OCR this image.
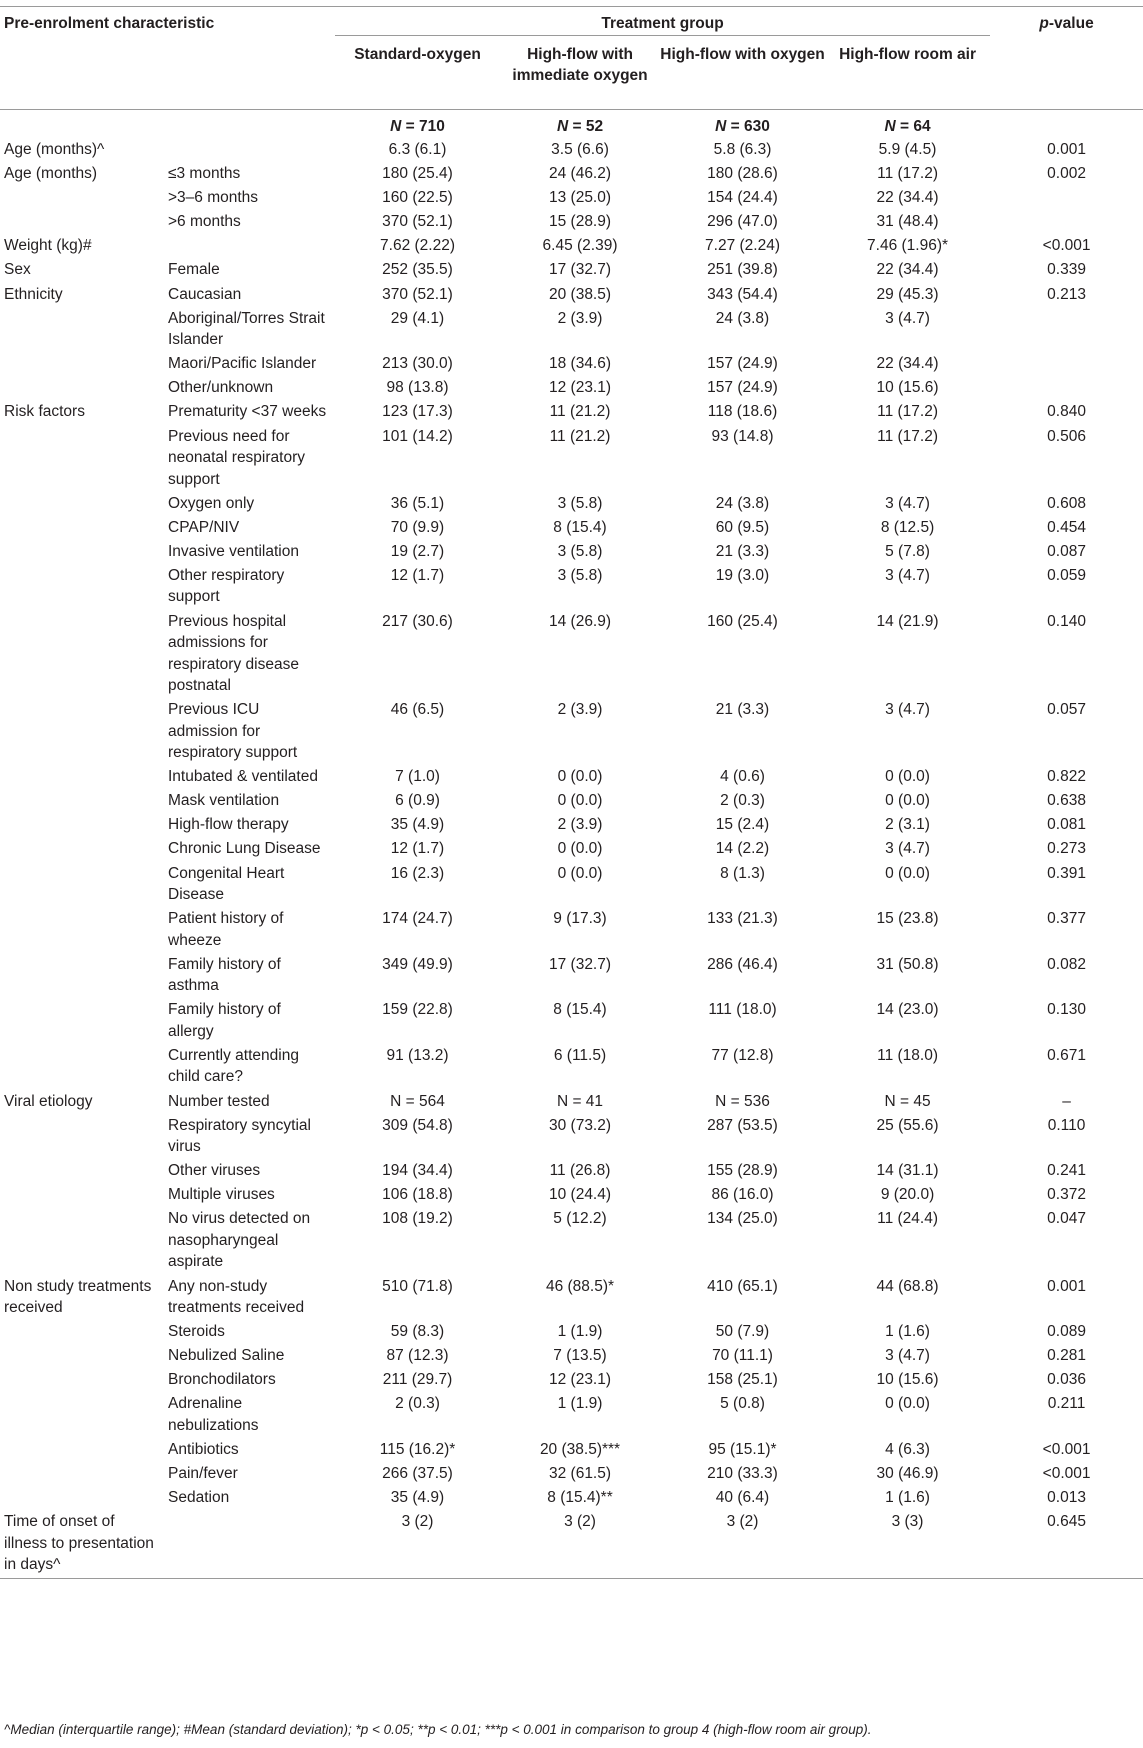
Pre-enrolment characteristic		Treatment group				p-value
		Standard-oxygen	High-flow with immediate oxygen	High-flow with oxygen	High-flow room air	
		N = 710	N = 52	N = 630	N = 64	
Age (months)^		6.3 (6.1)	3.5 (6.6)	5.8 (6.3)	5.9 (4.5)	0.001
Age (months)	≤3 months	180 (25.4)	24 (46.2)	180 (28.6)	11 (17.2)	0.002
	>3–6 months	160 (22.5)	13 (25.0)	154 (24.4)	22 (34.4)	
	>6 months	370 (52.1)	15 (28.9)	296 (47.0)	31 (48.4)	
Weight (kg)#		7.62 (2.22)	6.45 (2.39)	7.27 (2.24)	7.46 (1.96)*	<0.001
Sex	Female	252 (35.5)	17 (32.7)	251 (39.8)	22 (34.4)	0.339
Ethnicity	Caucasian	370 (52.1)	20 (38.5)	343 (54.4)	29 (45.3)	0.213
	Aboriginal/Torres Strait Islander	29 (4.1)	2 (3.9)	24 (3.8)	3 (4.7)	
	Maori/Pacific Islander	213 (30.0)	18 (34.6)	157 (24.9)	22 (34.4)	
	Other/unknown	98 (13.8)	12 (23.1)	157 (24.9)	10 (15.6)	
Risk factors	Prematurity <37 weeks	123 (17.3)	11 (21.2)	118 (18.6)	11 (17.2)	0.840
	Previous need for neonatal respiratory support	101 (14.2)	11 (21.2)	93 (14.8)	11 (17.2)	0.506
	Oxygen only	36 (5.1)	3 (5.8)	24 (3.8)	3 (4.7)	0.608
	CPAP/NIV	70 (9.9)	8 (15.4)	60 (9.5)	8 (12.5)	0.454
	Invasive ventilation	19 (2.7)	3 (5.8)	21 (3.3)	5 (7.8)	0.087
	Other respiratory support	12 (1.7)	3 (5.8)	19 (3.0)	3 (4.7)	0.059
	Previous hospital admissions for respiratory disease postnatal	217 (30.6)	14 (26.9)	160 (25.4)	14 (21.9)	0.140
	Previous ICU admission for respiratory support	46 (6.5)	2 (3.9)	21 (3.3)	3 (4.7)	0.057
	Intubated & ventilated	7 (1.0)	0 (0.0)	4 (0.6)	0 (0.0)	0.822
	Mask ventilation	6 (0.9)	0 (0.0)	2 (0.3)	0 (0.0)	0.638
	High-flow therapy	35 (4.9)	2 (3.9)	15 (2.4)	2 (3.1)	0.081
	Chronic Lung Disease	12 (1.7)	0 (0.0)	14 (2.2)	3 (4.7)	0.273
	Congenital Heart Disease	16 (2.3)	0 (0.0)	8 (1.3)	0 (0.0)	0.391
	Patient history of wheeze	174 (24.7)	9 (17.3)	133 (21.3)	15 (23.8)	0.377
	Family history of asthma	349 (49.9)	17 (32.7)	286 (46.4)	31 (50.8)	0.082
	Family history of allergy	159 (22.8)	8 (15.4)	111 (18.0)	14 (23.0)	0.130
	Currently attending child care?	91 (13.2)	6 (11.5)	77 (12.8)	11 (18.0)	0.671
Viral etiology	Number tested	N = 564	N = 41	N = 536	N = 45	–
	Respiratory syncytial virus	309 (54.8)	30 (73.2)	287 (53.5)	25 (55.6)	0.110
	Other viruses	194 (34.4)	11 (26.8)	155 (28.9)	14 (31.1)	0.241
	Multiple viruses	106 (18.8)	10 (24.4)	86 (16.0)	9 (20.0)	0.372
	No virus detected on nasopharyngeal aspirate	108 (19.2)	5 (12.2)	134 (25.0)	11 (24.4)	0.047
Non study treatments received	Any non-study treatments received	510 (71.8)	46 (88.5)*	410 (65.1)	44 (68.8)	0.001
	Steroids	59 (8.3)	1 (1.9)	50 (7.9)	1 (1.6)	0.089
	Nebulized Saline	87 (12.3)	7 (13.5)	70 (11.1)	3 (4.7)	0.281
	Bronchodilators	211 (29.7)	12 (23.1)	158 (25.1)	10 (15.6)	0.036
	Adrenaline nebulizations	2 (0.3)	1 (1.9)	5 (0.8)	0 (0.0)	0.211
	Antibiotics	115 (16.2)*	20 (38.5)***	95 (15.1)*	4 (6.3)	<0.001
	Pain/fever	266 (37.5)	32 (61.5)	210 (33.3)	30 (46.9)	<0.001
	Sedation	35 (4.9)	8 (15.4)**	40 (6.4)	1 (1.6)	0.013
Time of onset of illness to presentation in days^		3 (2)	3 (2)	3 (2)	3 (3)	0.645
^Median (interquartile range); #Mean (standard deviation); *p < 0.05; **p < 0.01; ***p < 0.001 in comparison to group 4 (high-flow room air group).
